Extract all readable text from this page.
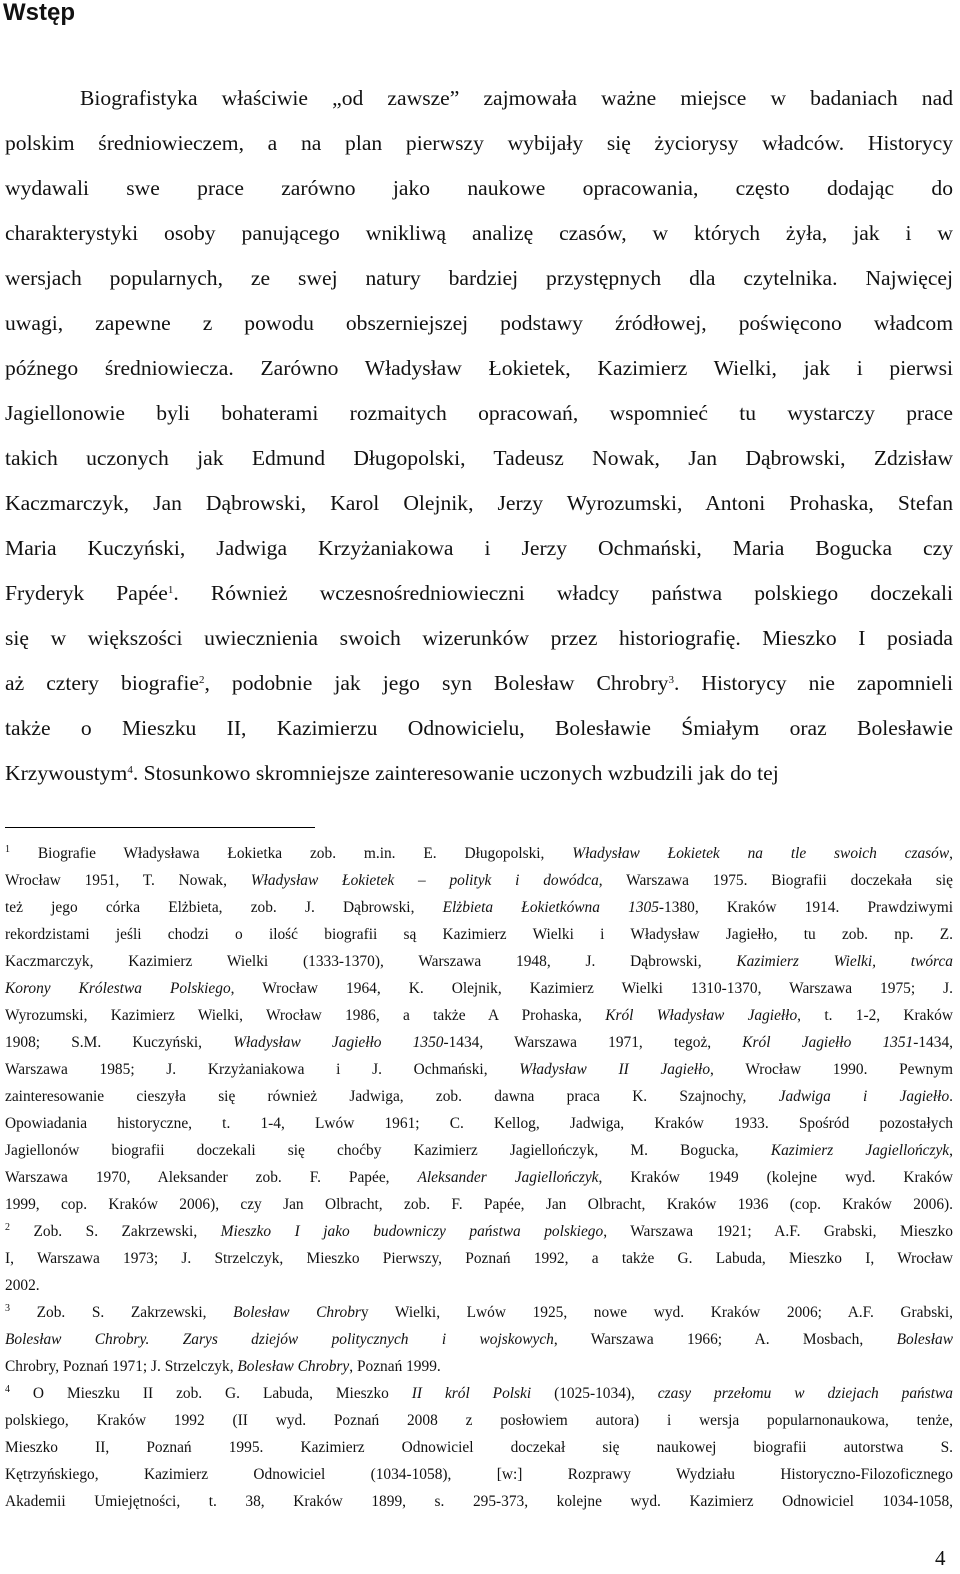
Wstęp
Biografistyka właściwie „od zawsze” zajmowała ważne miejsce w badaniach nad
polskim średniowieczem, a na plan pierwszy wybijały się życiorysy władców. Historycy
wydawali swe prace zarówno jako naukowe opracowania, często dodając do
charakterystyki osoby panującego wnikliwą analizę czasów, w których żyła, jak i w
wersjach popularnych, ze swej natury bardziej przystępnych dla czytelnika. Najwięcej
uwagi, zapewne z powodu obszerniejszej podstawy źródłowej, poświęcono władcom
późnego średniowiecza. Zarówno Władysław Łokietek, Kazimierz Wielki, jak i pierwsi
Jagiellonowie byli bohaterami rozmaitych opracowań, wspomnieć tu wystarczy prace
takich uczonych jak Edmund Długopolski, Tadeusz Nowak, Jan Dąbrowski, Zdzisław
Kaczmarczyk, Jan Dąbrowski, Karol Olejnik, Jerzy Wyrozumski, Antoni Prohaska, Stefan
Maria Kuczyński, Jadwiga Krzyżaniakowa i Jerzy Ochmański, Maria Bogucka czy
Fryderyk Papée$^1$. Również wczesnośredniowieczni władcy państwa polskiego doczekali
się w większości uwiecznienia swoich wizerunków przez historiografię. Mieszko I posiada
aż cztery biografie$^2$, podobnie jak jego syn Bolesław Chrobry$^3$. Historycy nie zapomnieli
także o Mieszku II, Kazimierzu Odnowicielu, Bolesławie Śmiałym oraz Bolesławie
Krzywoustym$^4$. Stosunkowo skromniejsze zainteresowanie uczonych wzbudzili jak do tej
$^1$ Biografie Władysława Łokietka zob. m.in. E. Długopolski, Władysław Łokietek na tle swoich czasów,
Wrocław 1951, T. Nowak, Władysław Łokietek – polityk i dowódca, Warszawa 1975. Biografii doczekała się
też jego córka Elżbieta, zob. J. Dąbrowski, Elżbieta Łokietkówna 1305-1380, Kraków 1914. Prawdziwymi
rekordzistami jeśli chodzi o ilość biografii są Kazimierz Wielki i Władysław Jagiełło, tu zob. np. Z.
Kaczmarczyk, Kazimierz Wielki (1333-1370), Warszawa 1948, J. Dąbrowski, Kazimierz Wielki, twórca
Korony Królestwa Polskiego, Wrocław 1964, K. Olejnik, Kazimierz Wielki 1310-1370, Warszawa 1975; J.
Wyrozumski, Kazimierz Wielki, Wrocław 1986, a także A Prohaska, Król Władysław Jagiełło, t. 1-2, Kraków
1908; S.M. Kuczyński, Władysław Jagiełło 1350-1434, Warszawa 1971, tegoż, Król Jagiełło 1351-1434,
Warszawa 1985; J. Krzyżaniakowa i J. Ochmański, Władysław II Jagiełło, Wrocław 1990. Pewnym
zainteresowanie cieszyła się również Jadwiga, zob. dawna praca K. Szajnochy, Jadwiga i Jagiełło.
Opowiadania historyczne, t. 1-4, Lwów 1961; C. Kellog, Jadwiga, Kraków 1933. Spośród pozostałych
Jagiellonów biografii doczekali się choćby Kazimierz Jagiellończyk, M. Bogucka, Kazimierz Jagiellończyk,
Warszawa 1970, Aleksander zob. F. Papée, Aleksander Jagiellończyk, Kraków 1949 (kolejne wyd. Kraków
1999, cop. Kraków 2006), czy Jan Olbracht, zob. F. Papée, Jan Olbracht, Kraków 1936 (cop. Kraków 2006).
$^2$ Zob. S. Zakrzewski, Mieszko I jako budowniczy państwa polskiego, Warszawa 1921; A.F. Grabski, Mieszko
I, Warszawa 1973; J. Strzelczyk, Mieszko Pierwszy, Poznań 1992, a także G. Labuda, Mieszko I, Wrocław
2002.
$^3$ Zob. S. Zakrzewski, Bolesław Chrobry Wielki, Lwów 1925, nowe wyd. Kraków 2006; A.F. Grabski,
Bolesław Chrobry. Zarys dziejów politycznych i wojskowych, Warszawa 1966; A. Mosbach, Bolesław
Chrobry, Poznań 1971; J. Strzelczyk, Bolesław Chrobry, Poznań 1999.
$^4$ O Mieszku II zob. G. Labuda, Mieszko II król Polski (1025-1034), czasy przełomu w dziejach państwa
polskiego, Kraków 1992 (II wyd. Poznań 2008 z posłowiem autora) i wersja popularnonaukowa, tenże,
Mieszko II, Poznań 1995. Kazimierz Odnowiciel doczekał się naukowej biografii autorstwa S.
Kętrzyńskiego, Kazimierz Odnowiciel (1034-1058), [w:] Rozprawy Wydziału Historyczno-Filozoficznego
Akademii Umiejętności, t. 38, Kraków 1899, s. 295-373, kolejne wyd. Kazimierz Odnowiciel 1034-1058,
4
